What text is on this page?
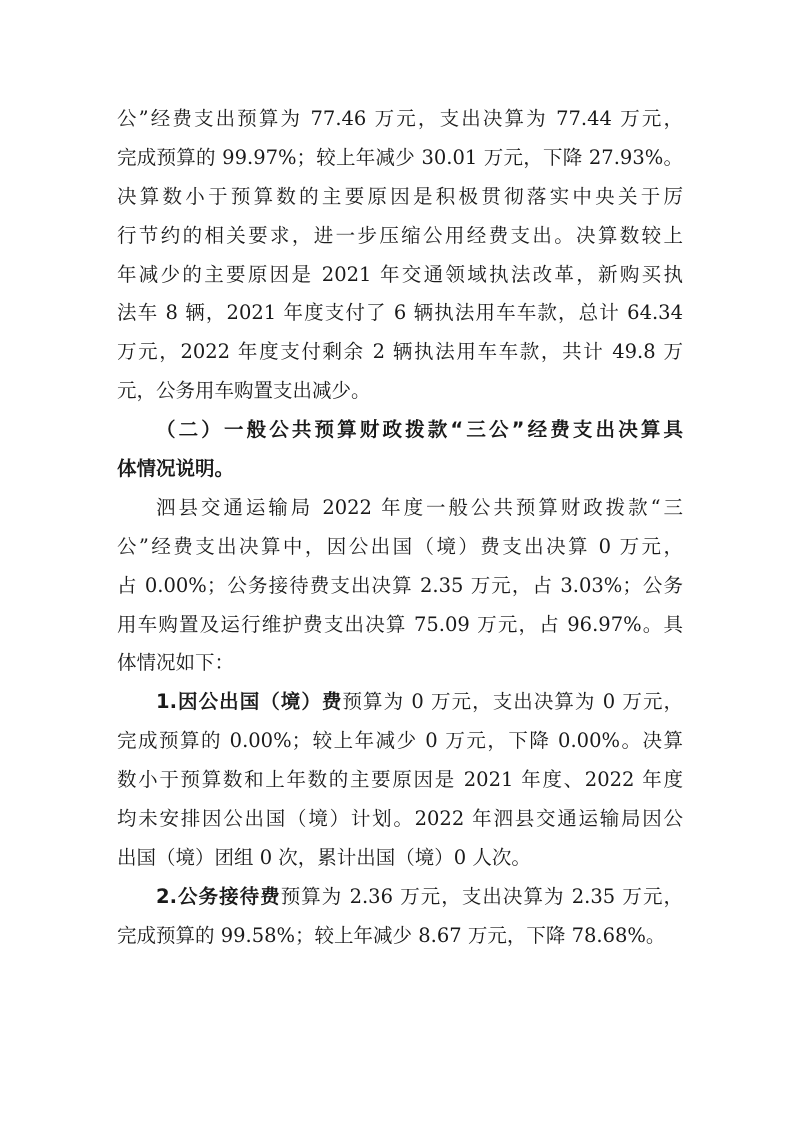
公”经费支出预算为 77.46 万元，支出决算为 77.44 万元，
完成预算的 99.97%；较上年减少 30.01 万元，下降 27.93%。
决算数小于预算数的主要原因是积极贯彻落实中央关于厉
行节约的相关要求，进一步压缩公用经费支出。决算数较上
年减少的主要原因是 2021 年交通领域执法改革，新购买执
法车 8 辆，2021 年度支付了 6 辆执法用车车款，总计 64.34
万元，2022 年度支付剩余 2 辆执法用车车款，共计 49.8 万
元，公务用车购置支出减少。
（二）一般公共预算财政拨款“三公”经费支出决算具
体情况说明。
泗县交通运输局 2022 年度一般公共预算财政拨款“三
公”经费支出决算中，因公出国（境）费支出决算 0 万元，
占 0.00%；公务接待费支出决算 2.35 万元，占 3.03%；公务
用车购置及运行维护费支出决算 75.09 万元，占 96.97%。具
体情况如下：
1.因公出国（境）费预算为 0 万元，支出决算为 0 万元，
完成预算的 0.00%；较上年减少 0 万元，下降 0.00%。决算
数小于预算数和上年数的主要原因是 2021 年度、2022 年度
均未安排因公出国（境）计划。2022 年泗县交通运输局因公
出国（境）团组 0 次，累计出国（境）0 人次。
2.公务接待费预算为 2.36 万元，支出决算为 2.35 万元，
完成预算的 99.58%；较上年减少 8.67 万元，下降 78.68%。
